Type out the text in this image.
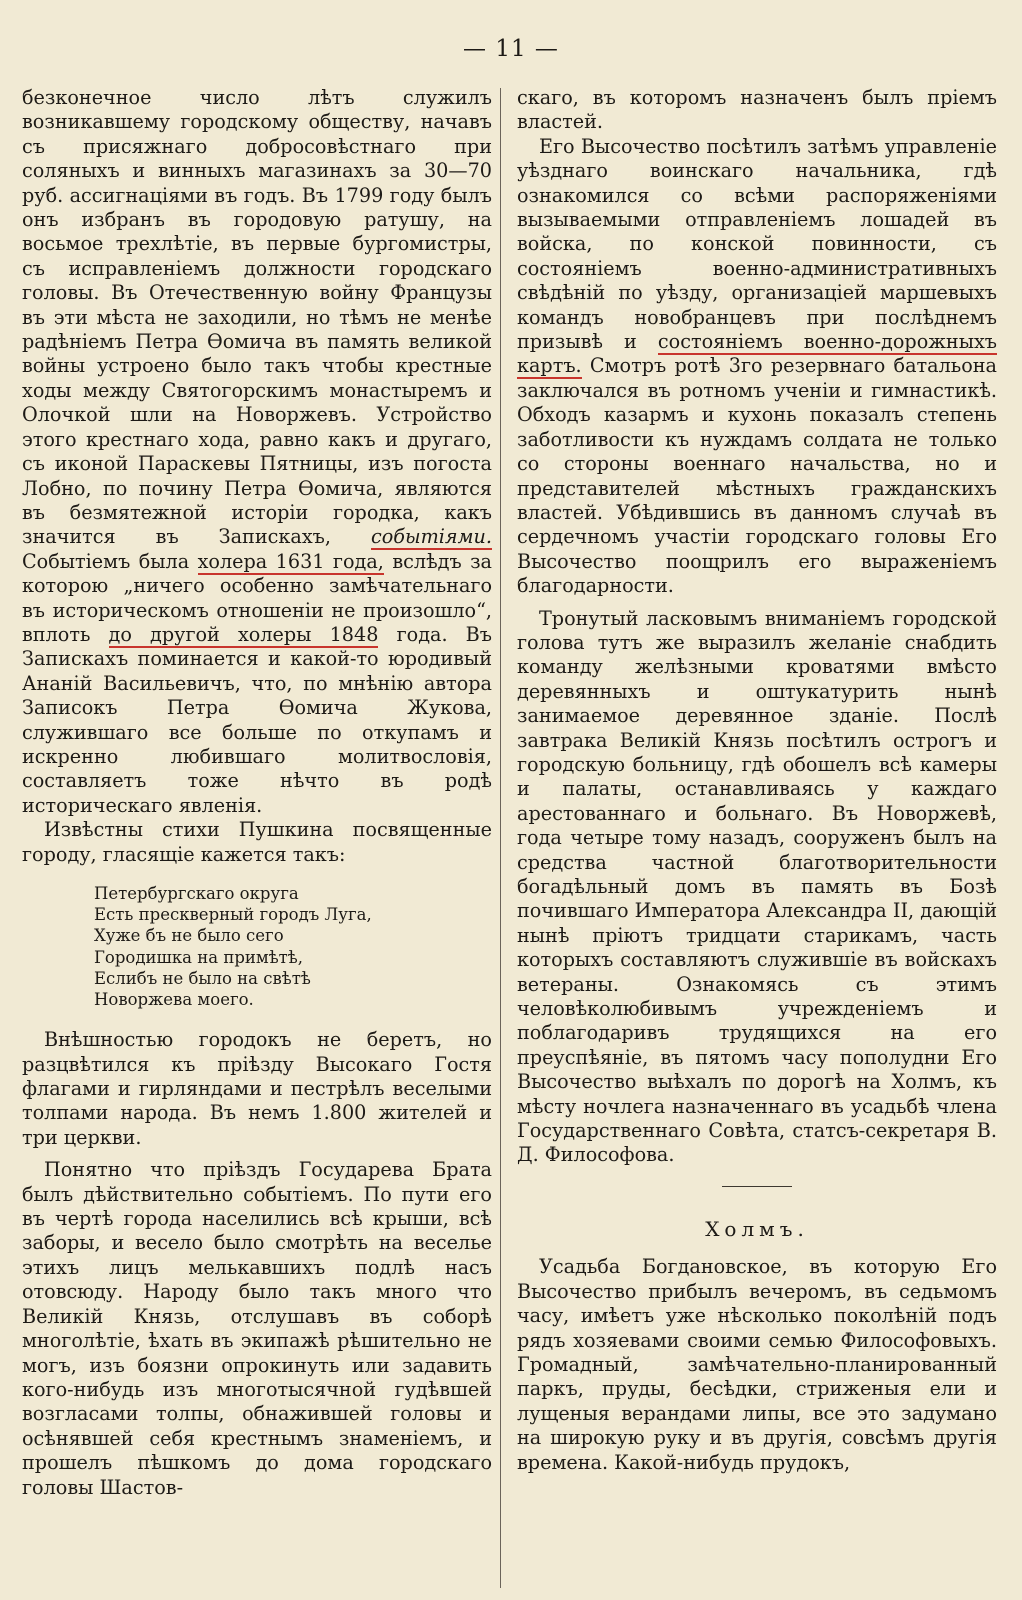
— 11 —

безконечное число лѣтъ служилъ возникавшему городскому обществу, начавъ съ присяжнаго добросовѣстнаго при соляныхъ и винныхъ магазинахъ за 30—70 руб. ассигнаціями въ годъ. Въ 1799 году былъ онъ избранъ въ городовую ратушу, на восьмое трехлѣтіе, въ первые бургомистры, съ исправленіемъ должности городскаго головы. Въ Отечественную войну Французы въ эти мѣста не заходили, но тѣмъ не менѣе радѣніемъ Петра Ѳомича въ память великой войны устроено было такъ чтобы крестные ходы между Святогорскимъ монастыремъ и Олочкой шли на Новоржевъ. Устройство этого крестнаго хода, равно какъ и другаго, съ иконой Параскевы Пятницы, изъ погоста Лобно, по почину Петра Ѳомича, являются въ безмятежной исторіи городка, какъ значится въ Запискахъ, событіями. Событіемъ была холера 1631 года, вслѣдъ за которою „ничего особенно замѣчательнаго въ историческомъ отношеніи не произошло“, вплоть до другой холеры 1848 года. Въ Запискахъ поминается и какой-то юродивый Ананій Васильевичъ, что, по мнѣнію автора Записокъ Петра Ѳомича Жукова, служившаго все больше по откупамъ и искренно любившаго молитвословія, составляетъ тоже нѣчто въ родѣ историческаго явленія.

Извѣстны стихи Пушкина посвященные городу, гласящіе кажется такъ:

Петербургскаго округа
Есть прескверный городъ Луга,
Хуже бъ не было сего
Городишка на примѣтѣ,
Еслибъ не было на свѣтѣ
Новоржева моего.

Внѣшностью городокъ не беретъ, но разцвѣтился къ пріѣзду Высокаго Гостя флагами и гирляндами и пестрѣлъ веселыми толпами народа. Въ немъ 1.800 жителей и три церкви.

Понятно что пріѣздъ Государева Брата былъ дѣйствительно событіемъ. По пути его въ чертѣ города населились всѣ крыши, всѣ заборы, и весело было смотрѣть на веселье этихъ лицъ мелькавшихъ подлѣ насъ отовсюду. Народу было такъ много что Великій Князь, отслушавъ въ соборѣ многолѣтіе, ѣхать въ экипажѣ рѣшительно не могъ, изъ боязни опрокинуть или задавить кого-нибудь изъ многотысячной гудѣвшей возгласами толпы, обнажившей головы и осѣнявшей себя крестнымъ знаменіемъ, и прошелъ пѣшкомъ до дома городскаго головы Шастов-

скаго, въ которомъ назначенъ былъ пріемъ властей.

Его Высочество посѣтилъ затѣмъ управленіе уѣзднаго воинскаго начальника, гдѣ ознакомился со всѣми распоряженіями вызываемыми отправленіемъ лошадей въ войска, по конской повинности, съ состояніемъ военно-административныхъ свѣдѣній по уѣзду, организаціей маршевыхъ командъ новобранцевъ при послѣднемъ призывѣ и состояніемъ военно-дорожныхъ картъ. Смотръ ротѣ 3го резервнаго батальона заключался въ ротномъ ученіи и гимнастикѣ. Обходъ казармъ и кухонь показалъ степень заботливости къ нуждамъ солдата не только со стороны военнаго начальства, но и представителей мѣстныхъ гражданскихъ властей. Убѣдившись въ данномъ случаѣ въ сердечномъ участіи городскаго головы Его Высочество поощрилъ его выраженіемъ благодарности.

Тронутый ласковымъ вниманіемъ городской голова тутъ же выразилъ желаніе снабдить команду желѣзными кроватями вмѣсто деревянныхъ и оштукатурить нынѣ занимаемое деревянное зданіе. Послѣ завтрака Великій Князь посѣтилъ острогъ и городскую больницу, гдѣ обошелъ всѣ камеры и палаты, останавливаясь у каждаго арестованнаго и больнаго. Въ Новоржевѣ, года четыре тому назадъ, сооруженъ былъ на средства частной благотворительности богадѣльный домъ въ память въ Бозѣ почившаго Императора Александра II, дающій нынѣ пріютъ тридцати старикамъ, часть которыхъ составляютъ служившіе въ войскахъ ветераны. Ознакомясь съ этимъ человѣколюбивымъ учрежденіемъ и поблагодаривъ трудящихся на его преуспѣяніе, въ пятомъ часу пополудни Его Высочество выѣхалъ по дорогѣ на Холмъ, къ мѣсту ночлега назначеннаго въ усадьбѣ члена Государственнаго Совѣта, статсъ-секретаря В. Д. Философова.

Холмъ.

Усадьба Богдановское, въ которую Его Высочество прибылъ вечеромъ, въ седьмомъ часу, имѣетъ уже нѣсколько поколѣній подъ рядъ хозяевами своими семью Философовыхъ. Громадный, замѣчательно-планированный паркъ, пруды, бесѣдки, стриженыя ели и лущеныя верандами липы, все это задумано на широкую руку и въ другія, совсѣмъ другія времена. Какой-нибудь прудокъ,
